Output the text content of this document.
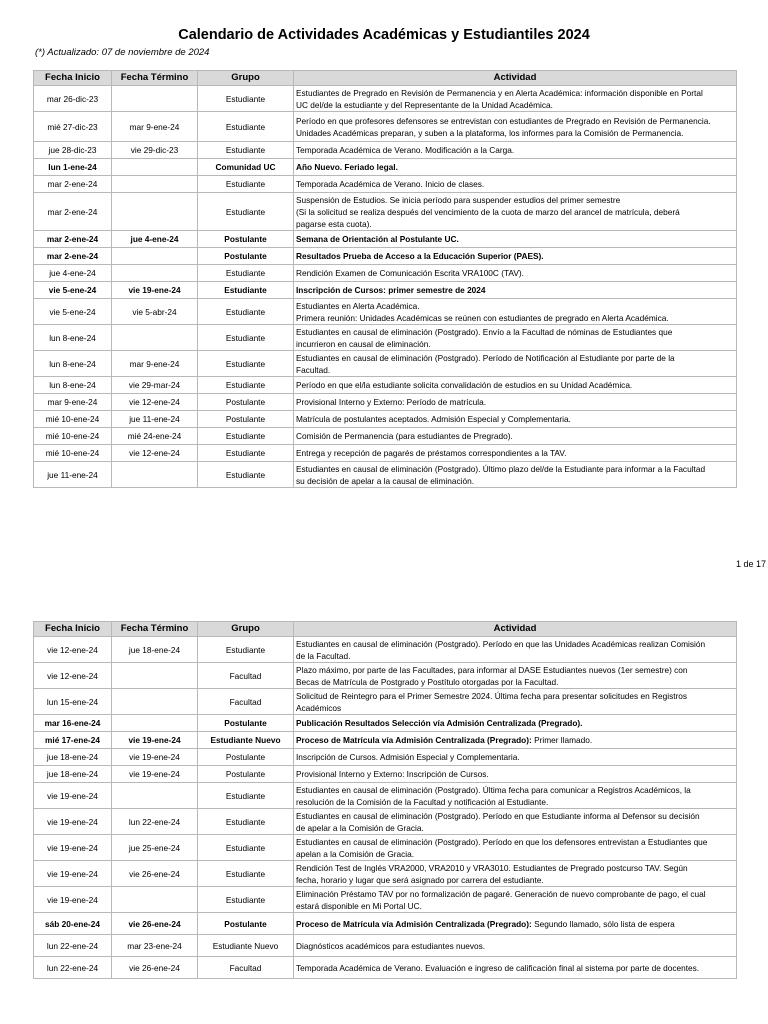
Calendario de Actividades Académicas y Estudiantiles 2024
(*) Actualizado: 07 de noviembre de 2024
Fecha Inicio	Fecha Término	Grupo	Actividad
mar 26-dic-23		Estudiante	Estudiantes de Pregrado en Revisión de Permanencia y en Alerta Académica: información disponible en Portal
UC del/de la estudiante y del Representante de la Unidad Académica.

mié 27-dic-23	mar 9-ene-24	Estudiante	Período en que profesores defensores se entrevistan con estudiantes de Pregrado en Revisión de Permanencia.
Unidades Académicas preparan, y suben a la plataforma, los informes para la Comisión de Permanencia.

jue 28-dic-23	vie 29-dic-23	Estudiante	Temporada Académica de Verano. Modificación a la Carga.

lun 1-ene-24		Comunidad UC	Año Nuevo. Feriado legal.

mar 2-ene-24		Estudiante	Temporada Académica de Verano. Inicio de clases.

mar 2-ene-24		Estudiante	Suspensión de Estudios. Se inicia período para suspender estudios del primer semestre
(Si la solicitud se realiza después del vencimiento de la cuota de marzo del arancel de matrícula, deberá
pagarse esta cuota).

mar 2-ene-24	jue 4-ene-24	Postulante	Semana de Orientación al Postulante UC.

mar 2-ene-24		Postulante	Resultados Prueba de Acceso a la Educación Superior (PAES).

jue 4-ene-24		Estudiante	Rendición Examen de Comunicación Escrita VRA100C (TAV).

vie 5-ene-24	vie 19-ene-24	Estudiante	Inscripción de Cursos: primer semestre de 2024

vie 5-ene-24	vie 5-abr-24	Estudiante	Estudiantes en Alerta Académica.
Primera reunión: Unidades Académicas se reúnen con estudiantes de pregrado en Alerta Académica.

lun 8-ene-24		Estudiante	Estudiantes en causal de eliminación (Postgrado). Envío a la Facultad de nóminas de Estudiantes que
incurrieron en causal de eliminación.

lun 8-ene-24	mar 9-ene-24	Estudiante	Estudiantes en causal de eliminación (Postgrado). Período de Notificación al Estudiante por parte de la
Facultad.

lun 8-ene-24	vie 29-mar-24	Estudiante	Período en que el/la estudiante solicita convalidación de estudios en su Unidad Académica.

mar 9-ene-24	vie 12-ene-24	Postulante	Provisional Interno y Externo: Período de matrícula.

mié 10-ene-24	jue 11-ene-24	Postulante	Matrícula de postulantes aceptados. Admisión Especial y Complementaria.

mié 10-ene-24	mié 24-ene-24	Estudiante	Comisión de Permanencia (para estudiantes de Pregrado).

mié 10-ene-24	vie 12-ene-24	Estudiante	Entrega y recepción de pagarés de préstamos correspondientes a la TAV.

jue 11-ene-24		Estudiante	Estudiantes en causal de eliminación (Postgrado). Último plazo del/de la Estudiante para informar a la Facultad
su decisión de apelar a la causal de eliminación.
1 de 17
Fecha Inicio	Fecha Término	Grupo	Actividad
vie 12-ene-24	jue 18-ene-24	Estudiante	Estudiantes en causal de eliminación (Postgrado). Período en que las Unidades Académicas realizan Comisión
de la Facultad.

vie 12-ene-24		Facultad	Plazo máximo, por parte de las Facultades, para informar al DASE Estudiantes nuevos (1er semestre) con
Becas de Matrícula de Postgrado y Postítulo otorgadas por la Facultad.

lun 15-ene-24		Facultad	Solicitud de Reintegro para el Primer Semestre 2024. Última fecha para presentar solicitudes en Registros
Académicos

mar 16-ene-24		Postulante	Publicación Resultados Selección vía Admisión Centralizada (Pregrado).

mié 17-ene-24	vie 19-ene-24	Estudiante Nuevo	Proceso de Matrícula vía Admisión Centralizada (Pregrado): Primer llamado.
jue 18-ene-24	vie 19-ene-24	Postulante	Inscripción de Cursos. Admisión Especial y Complementaria.

jue 18-ene-24	vie 19-ene-24	Postulante	Provisional Interno y Externo: Inscripción de Cursos.

vie 19-ene-24		Estudiante	Estudiantes en causal de eliminación (Postgrado). Última fecha para comunicar a Registros Académicos, la
resolución de la Comisión de la Facultad y notificación al Estudiante.

vie 19-ene-24	lun 22-ene-24	Estudiante	Estudiantes en causal de eliminación (Postgrado). Período en que Estudiante informa al Defensor su decisión
de apelar a la Comisión de Gracia.

vie 19-ene-24	jue 25-ene-24	Estudiante	Estudiantes en causal de eliminación (Postgrado). Período en que los defensores entrevistan a Estudiantes que
apelan a la Comisión de Gracia.

vie 19-ene-24	vie 26-ene-24	Estudiante	Rendición Test de Inglés VRA2000, VRA2010 y VRA3010. Estudiantes de Pregrado postcurso TAV. Según
fecha, horario y lugar que será asignado por carrera del estudiante.

vie 19-ene-24		Estudiante	Eliminación Préstamo TAV por no formalización de pagaré. Generación de nuevo comprobante de pago, el cual
estará disponible en Mi Portal UC.

sáb 20-ene-24	vie 26-ene-24	Postulante	Proceso de Matrícula vía Admisión Centralizada (Pregrado): Segundo llamado, sólo lista de espera
lun 22-ene-24	mar 23-ene-24	Estudiante Nuevo	Diagnósticos académicos para estudiantes nuevos.

lun 22-ene-24	vie 26-ene-24	Facultad	Temporada Académica de Verano. Evaluación e ingreso de calificación final al sistema por parte de docentes.
